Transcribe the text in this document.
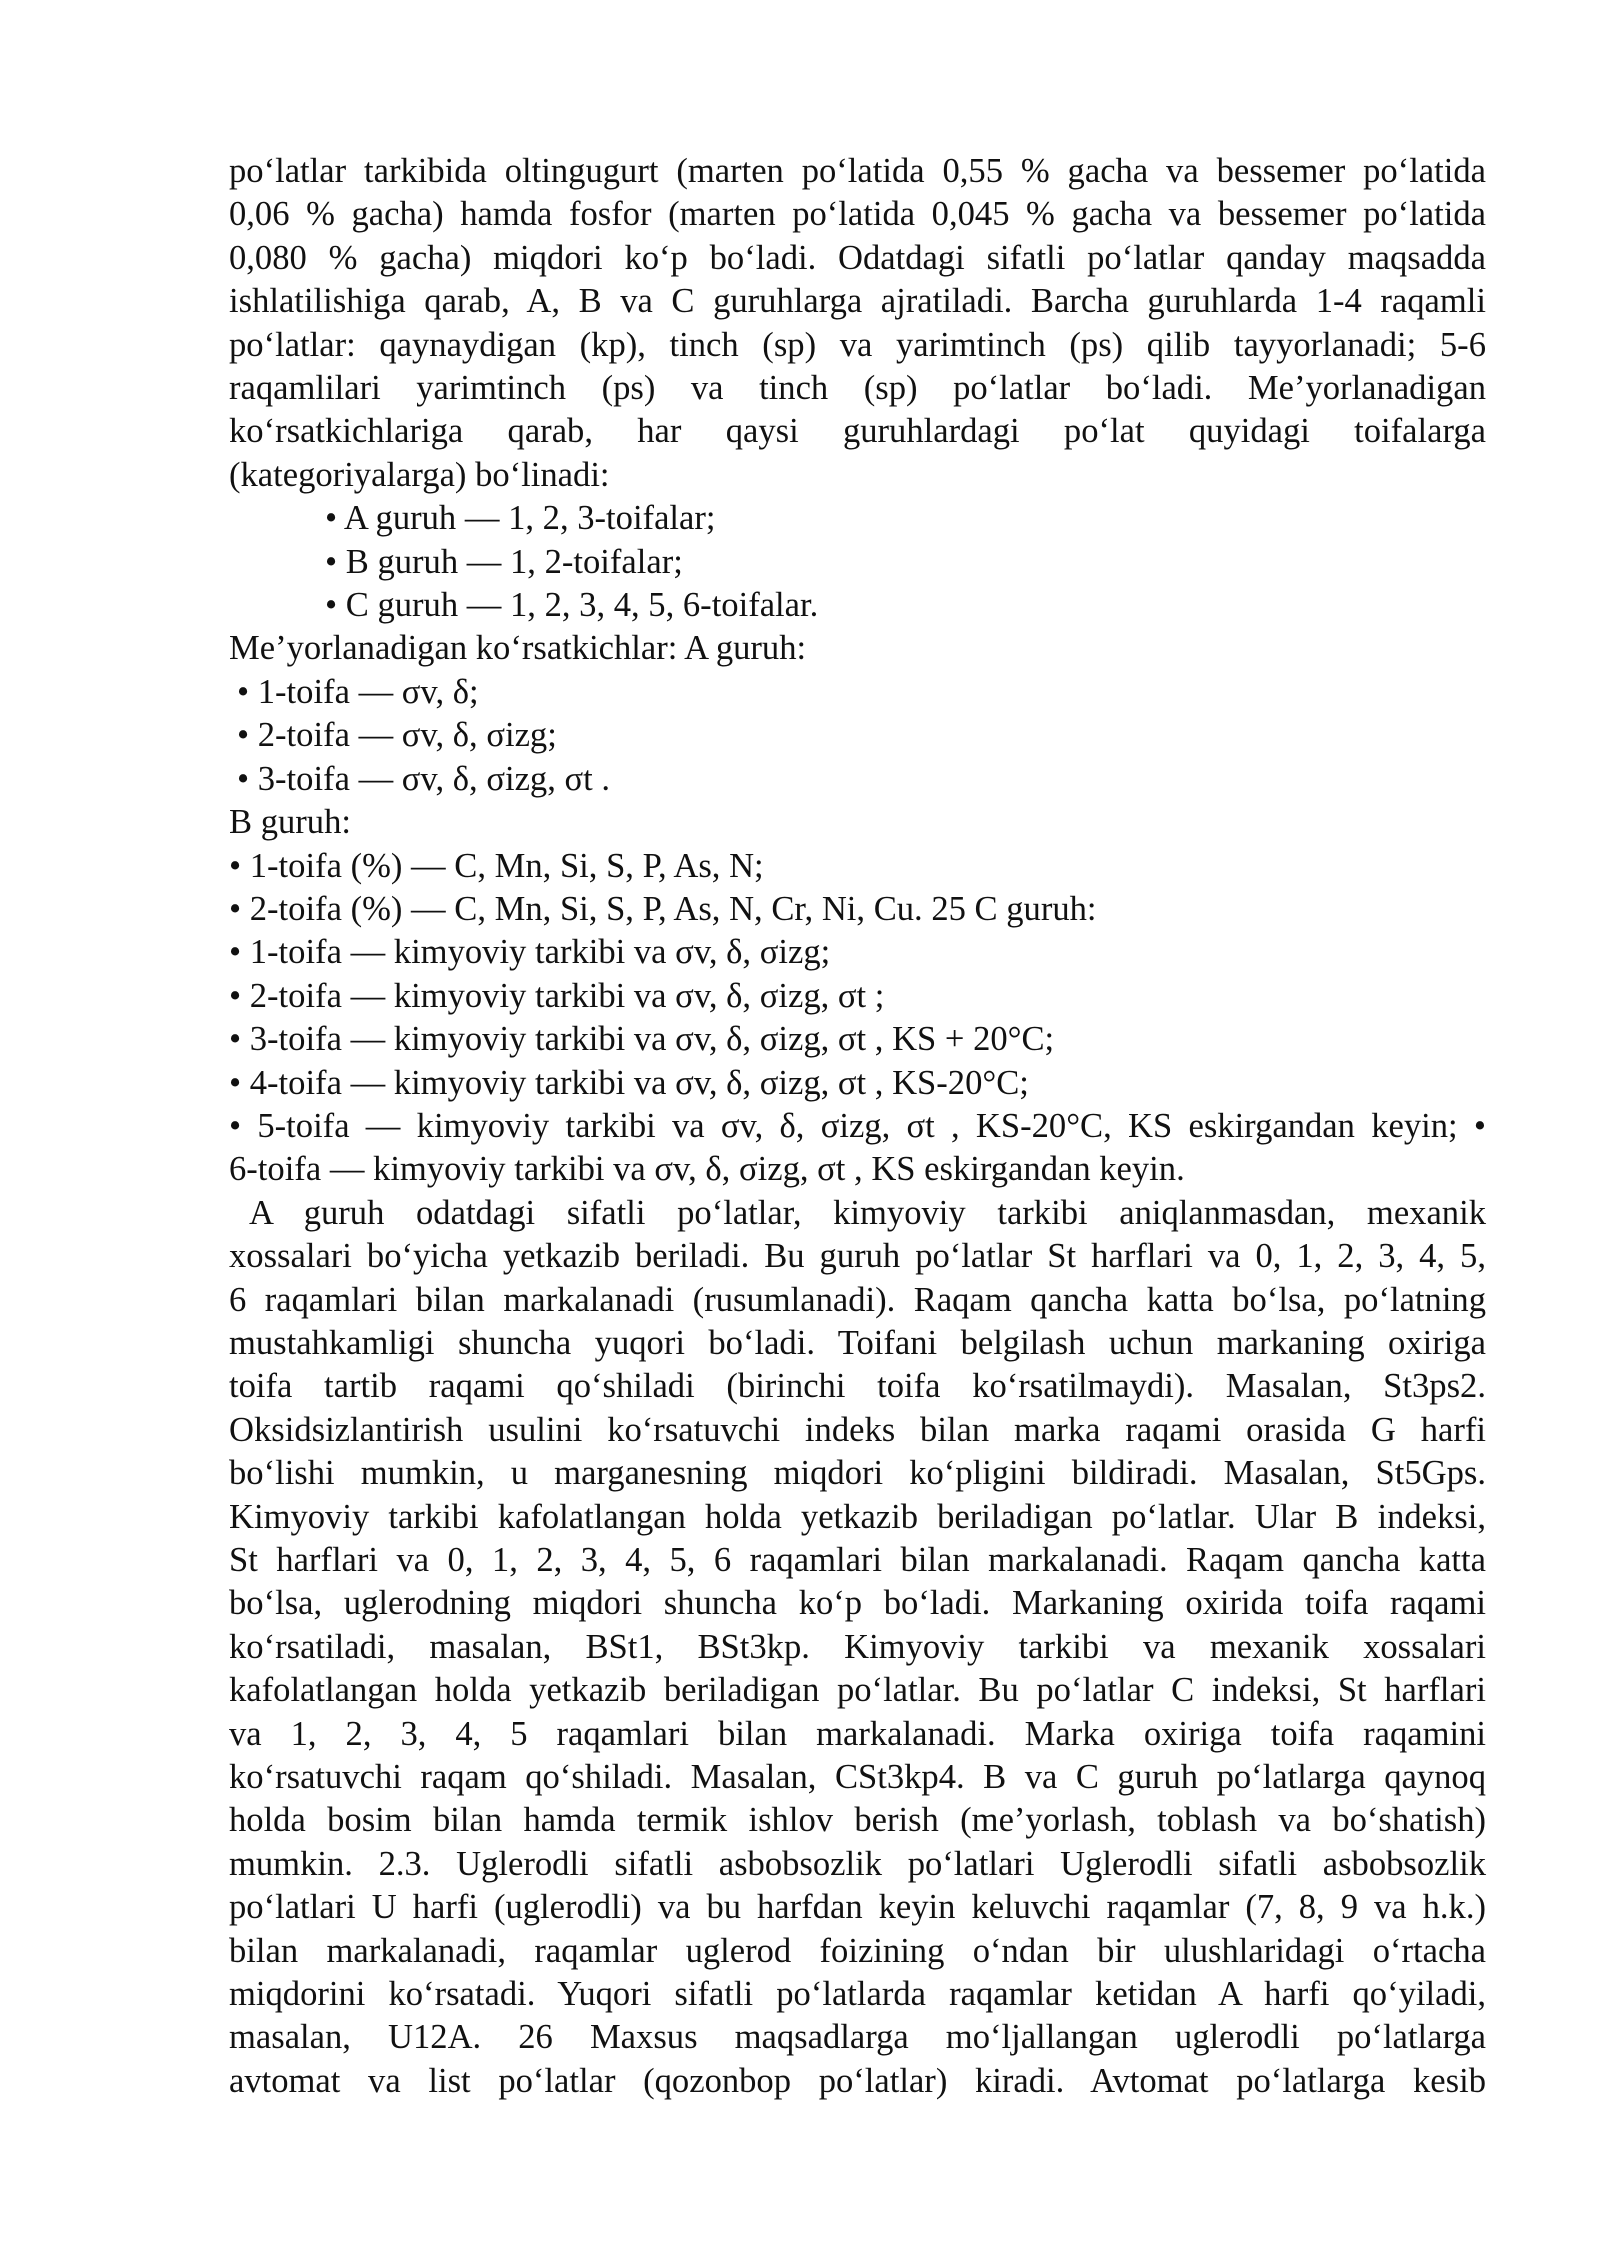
po‘latlar tarkibida oltingugurt (marten po‘latida 0,55 % gacha va bessemer po‘latida
0,06 % gacha) hamda fosfor (marten po‘latida 0,045 % gacha va bessemer po‘latida
0,080 % gacha) miqdori ko‘p bo‘ladi. Odatdagi sifatli po‘latlar qanday maqsadda
ishlatilishiga qarab, A, B va C guruhlarga ajratiladi. Barcha guruhlarda 1-4 raqamli
po‘latlar: qaynaydigan (kp), tinch (sp) va yarimtinch (ps) qilib tayyorlanadi; 5-6
raqamlilari yarimtinch (ps) va tinch (sp) po‘latlar bo‘ladi. Me’yorlanadigan
ko‘rsatkichlariga qarab, har qaysi guruhlardagi po‘lat quyidagi toifalarga
(kategoriyalarga) bo‘linadi:
• A guruh — 1, 2, 3-toifalar;
• B guruh — 1, 2-toifalar;
• C guruh — 1, 2, 3, 4, 5, 6-toifalar.
Me’yorlanadigan ko‘rsatkichlar: A guruh:
• 1-toifa — σv, δ;
• 2-toifa — σv, δ, σizg;
• 3-toifa — σv, δ, σizg, σt .
B guruh:
• 1-toifa (%) — C, Mn, Si, S, P, As, N;
• 2-toifa (%) — C, Mn, Si, S, P, As, N, Cr, Ni, Cu. 25 C guruh:
• 1-toifa — kimyoviy tarkibi va σv, δ, σizg;
• 2-toifa — kimyoviy tarkibi va σv, δ, σizg, σt ;
• 3-toifa — kimyoviy tarkibi va σv, δ, σizg, σt , KS + 20°C;
• 4-toifa — kimyoviy tarkibi va σv, δ, σizg, σt , KS-20°C;
• 5-toifa — kimyoviy tarkibi va σv, δ, σizg, σt , KS-20°C, KS eskirgandan keyin; •
6-toifa — kimyoviy tarkibi va σv, δ, σizg, σt , KS eskirgandan keyin.
A guruh odatdagi sifatli po‘latlar, kimyoviy tarkibi aniqlanmasdan, mexanik
xossalari bo‘yicha yetkazib beriladi. Bu guruh po‘latlar St harflari va 0, 1, 2, 3, 4, 5,
6 raqamlari bilan markalanadi (rusumlanadi). Raqam qancha katta bo‘lsa, po‘latning
mustahkamligi shuncha yuqori bo‘ladi. Toifani belgilash uchun markaning oxiriga
toifa tartib raqami qo‘shiladi (birinchi toifa ko‘rsatilmaydi). Masalan, St3ps2.
Oksidsizlantirish usulini ko‘rsatuvchi indeks bilan marka raqami orasida G harfi
bo‘lishi mumkin, u marganesning miqdori ko‘pligini bildiradi. Masalan, St5Gps.
Kimyoviy tarkibi kafolatlangan holda yetkazib beriladigan po‘latlar. Ular B indeksi,
St harflari va 0, 1, 2, 3, 4, 5, 6 raqamlari bilan markalanadi. Raqam qancha katta
bo‘lsa, uglerodning miqdori shuncha ko‘p bo‘ladi. Markaning oxirida toifa raqami
ko‘rsatiladi, masalan, BSt1, BSt3kp. Kimyoviy tarkibi va mexanik xossalari
kafolatlangan holda yetkazib beriladigan po‘latlar. Bu po‘latlar C indeksi, St harflari
va 1, 2, 3, 4, 5 raqamlari bilan markalanadi. Marka oxiriga toifa raqamini
ko‘rsatuvchi raqam qo‘shiladi. Masalan, CSt3kp4. B va C guruh po‘latlarga qaynoq
holda bosim bilan hamda termik ishlov berish (me’yorlash, toblash va bo‘shatish)
mumkin. 2.3. Uglerodli sifatli asbobsozlik po‘latlari Uglerodli sifatli asbobsozlik
po‘latlari U harfi (uglerodli) va bu harfdan keyin keluvchi raqamlar (7, 8, 9 va h.k.)
bilan markalanadi, raqamlar uglerod foizining o‘ndan bir ulushlaridagi o‘rtacha
miqdorini ko‘rsatadi. Yuqori sifatli po‘latlarda raqamlar ketidan A harfi qo‘yiladi,
masalan, U12A. 26 Maxsus maqsadlarga mo‘ljallangan uglerodli po‘latlarga
avtomat va list po‘latlar (qozonbop po‘latlar) kiradi. Avtomat po‘latlarga kesib
